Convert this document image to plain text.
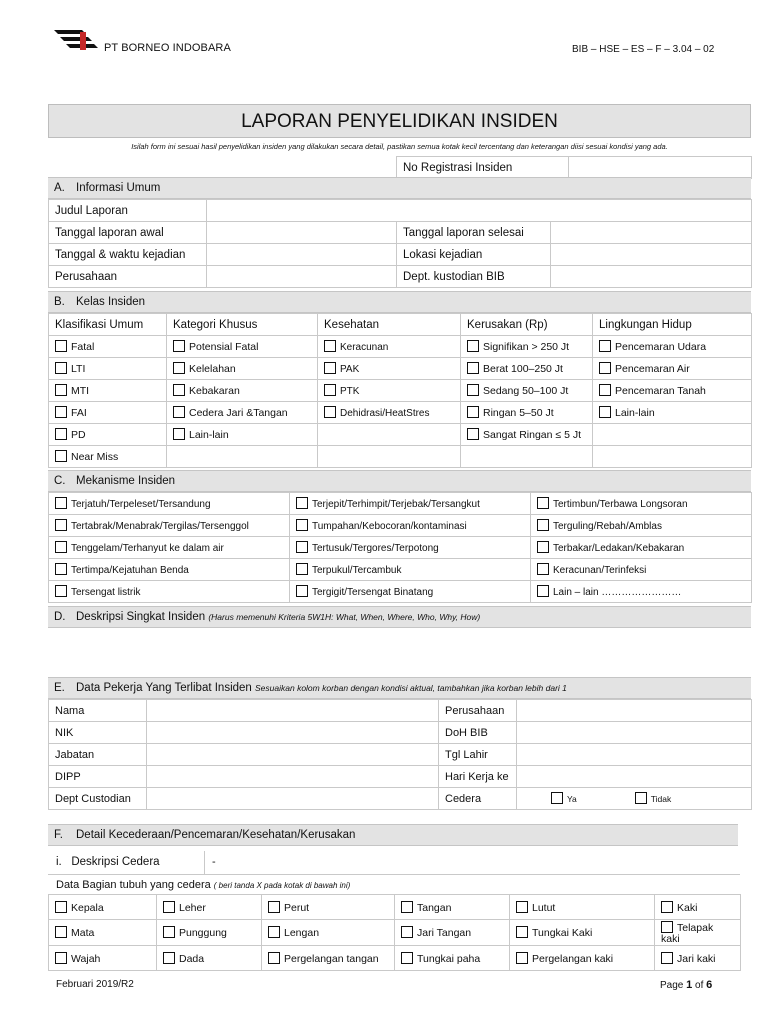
PT BORNEO INDOBARA	BIB – HSE – ES – F – 3.04 – 02
LAPORAN PENYELIDIKAN INSIDEN
Isilah form ini sesuai hasil penyelidikan insiden yang dilakukan secara detail, pastikan semua kotak kecil tercentang dan keterangan diisi sesuai kondisi yang ada.
No Registrasi Insiden	
A. Informasi Umum
Judul Laporan			
Tanggal laporan awal		Tanggal laporan selesai	
Tanggal & waktu kejadian		Lokasi kejadian	
Perusahaan		Dept. kustodian BIB	
B. Kelas Insiden
Klasifikasi Umum	Kategori Khusus	Kesehatan	Kerusakan (Rp)	Lingkungan Hidup
Fatal	Potensial Fatal	Keracunan	Signifikan > 250 Jt	Pencemaran Udara
LTI	Kelelahan	PAK	Berat 100–250 Jt	Pencemaran Air
MTI	Kebakaran	PTK	Sedang 50–100 Jt	Pencemaran Tanah
FAI	Cedera Jari &Tangan	Dehidrasi/HeatStres	Ringan 5–50 Jt	Lain-lain
PD	Lain-lain		Sangat Ringan ≤ 5 Jt	
Near Miss				
C. Mekanisme Insiden
Terjatuh/Terpeleset/Tersandung	Terjepit/Terhimpit/Terjebak/Tersangkut	Tertimbun/Terbawa Longsoran
Tertabrak/Menabrak/Tergilas/Tersenggol	Tumpahan/Kebocoran/kontaminasi	Terguling/Rebah/Amblas
Tenggelam/Terhanyut ke dalam air	Tertusuk/Tergores/Terpotong	Terbakar/Ledakan/Kebakaran
Tertimpa/Kejatuhan Benda	Terpukul/Tercambuk	Keracunan/Terinfeksi
Tersengat listrik	Tergigit/Tersengat Binatang	Lain – lain ……………………
D. Deskripsi Singkat Insiden (Harus memenuhi Kriteria 5W1H: What, When, Where, Who, Why, How)
E. Data Pekerja Yang Terlibat Insiden Sesuaikan kolom korban dengan kondisi aktual, tambahkan jika korban lebih dari 1
Nama		Perusahaan	
NIK		DoH BIB	
Jabatan		Tgl Lahir	
DIPP		Hari Kerja ke	
Dept Custodian		Cedera	Ya Tidak
F. Detail Kecederaan/Pencemaran/Kesehatan/Kerusakan
i. Deskripsi Cedera	-
Data Bagian tubuh yang cedera ( beri tanda X pada kotak di bawah ini)
Kepala	Leher	Perut	Tangan	Lutut	Kaki
Mata	Punggung	Lengan	Jari Tangan	Tungkai Kaki	Telapak kaki
Wajah	Dada	Pergelangan tangan	Tungkai paha	Pergelangan kaki	Jari kaki
Februari 2019/R2	Page 1 of 6
